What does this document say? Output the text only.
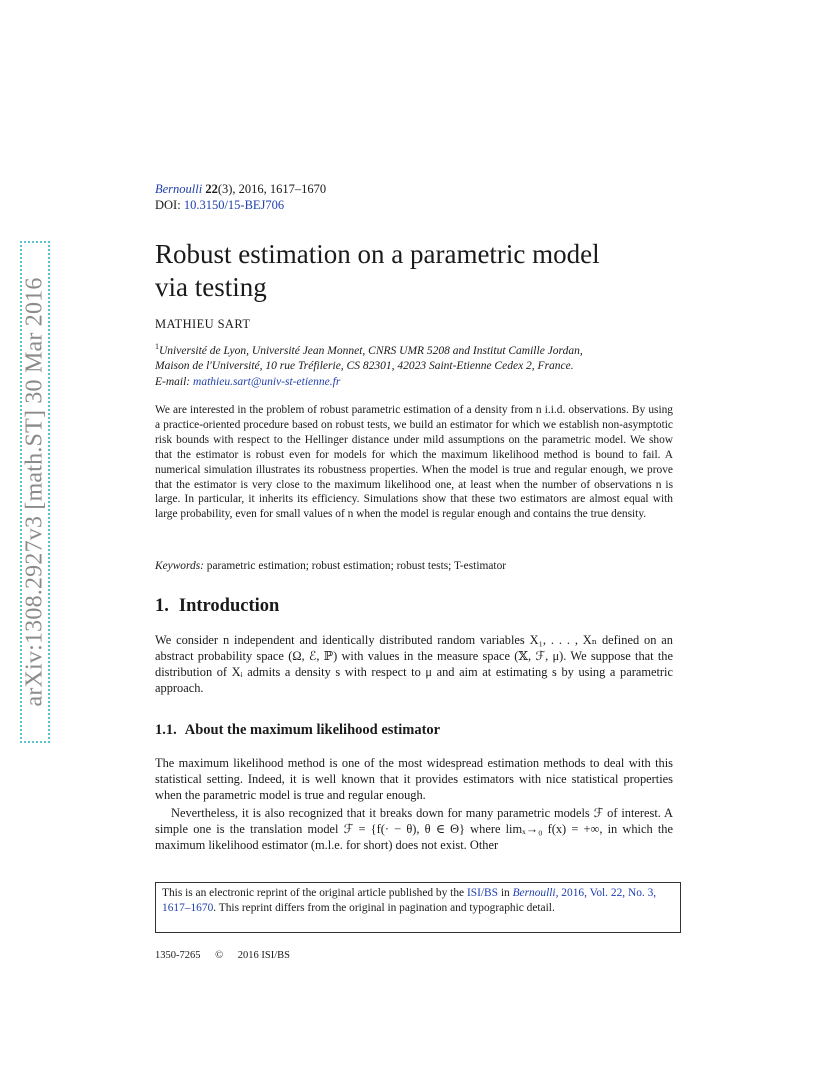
arXiv:1308.2927v3 [math.ST] 30 Mar 2016
Bernoulli 22(3), 2016, 1617–1670
DOI: 10.3150/15-BEJ706
Robust estimation on a parametric model
via testing
MATHIEU SART
$^1$Université de Lyon, Université Jean Monnet, CNRS UMR 5208 and Institut Camille Jordan,
Maison de l'Université, 10 rue Tréfilerie, CS 82301, 42023 Saint-Etienne Cedex 2, France.
E-mail: mathieu.sart@univ-st-etienne.fr
We are interested in the problem of robust parametric estimation of a density from n i.i.d. observations. By using a practice-oriented procedure based on robust tests, we build an estimator for which we establish non-asymptotic risk bounds with respect to the Hellinger distance under mild assumptions on the parametric model. We show that the estimator is robust even for models for which the maximum likelihood method is bound to fail. A numerical simulation illustrates its robustness properties. When the model is true and regular enough, we prove that the estimator is very close to the maximum likelihood one, at least when the number of observations n is large. In particular, it inherits its efficiency. Simulations show that these two estimators are almost equal with large probability, even for small values of n when the model is regular enough and contains the true density.
Keywords: parametric estimation; robust estimation; robust tests; T-estimator
1. Introduction
We consider n independent and identically distributed random variables X₁, . . . , Xₙ defined on an abstract probability space (Ω, ℰ, ℙ) with values in the measure space (𝕏, ℱ, μ). We suppose that the distribution of Xᵢ admits a density s with respect to μ and aim at estimating s by using a parametric approach.
1.1. About the maximum likelihood estimator
The maximum likelihood method is one of the most widespread estimation methods to deal with this statistical setting. Indeed, it is well known that it provides estimators with nice statistical properties when the parametric model is true and regular enough.
Nevertheless, it is also recognized that it breaks down for many parametric models ℱ of interest. A simple one is the translation model ℱ = {f(· − θ), θ ∈ Θ} where limₓ→₀ f(x) = +∞, in which the maximum likelihood estimator (m.l.e. for short) does not exist. Other
This is an electronic reprint of the original article published by the ISI/BS in Bernoulli, 2016, Vol. 22, No. 3, 1617–1670. This reprint differs from the original in pagination and typographic detail.
1350-7265 © 2016 ISI/BS
